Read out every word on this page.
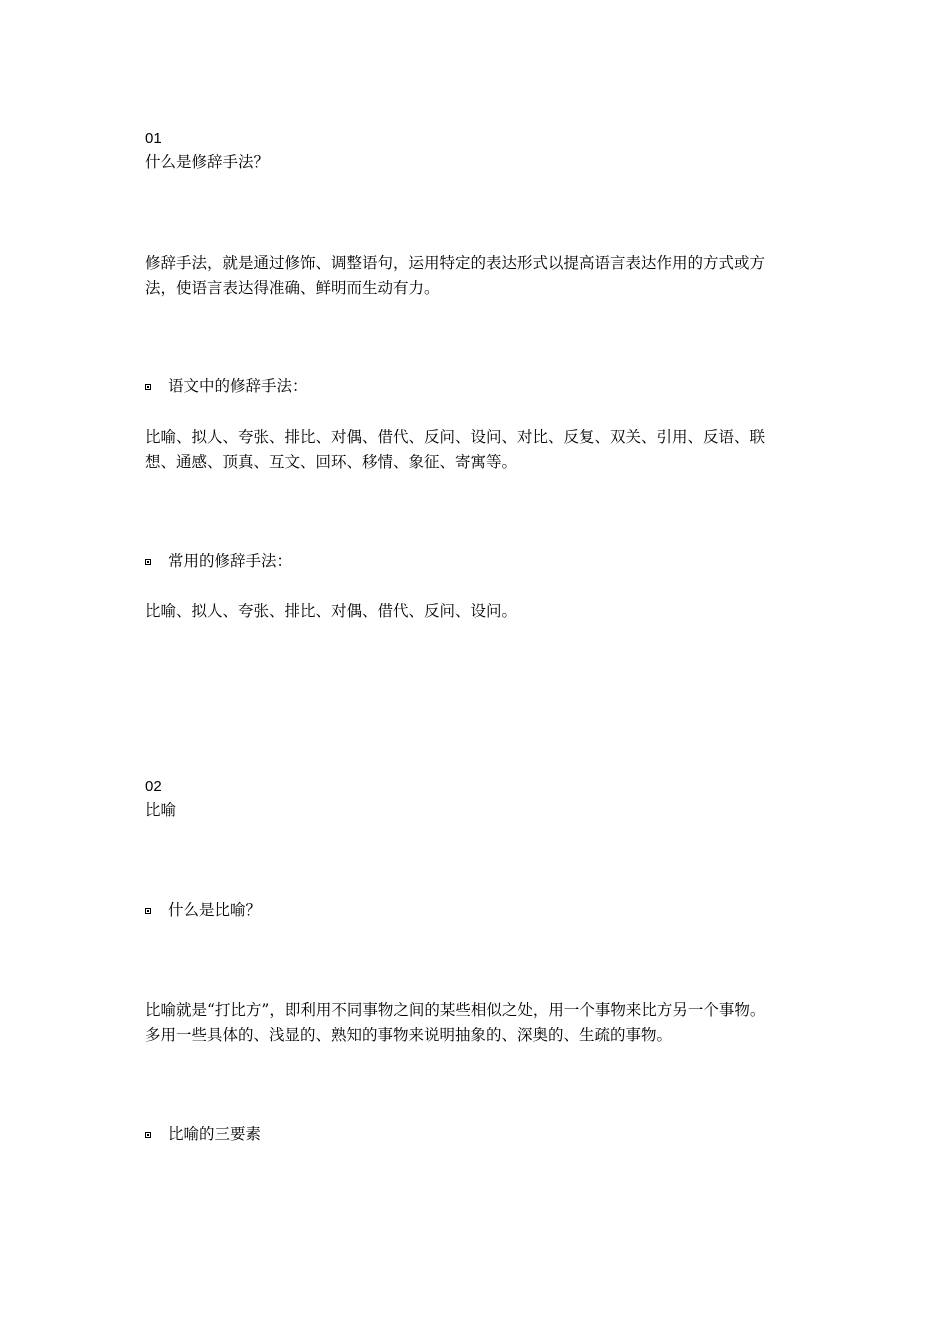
01
什么是修辞手法？
修辞手法，就是通过修饰、调整语句，运用特定的表达形式以提高语言表达作用的方式或方
法，使语言表达得准确、鲜明而生动有力。
语文中的修辞手法：
比喻、拟人、夸张、排比、对偶、借代、反问、设问、对比、反复、双关、引用、反语、联
想、通感、顶真、互文、回环、移情、象征、寄寓等。
常用的修辞手法：
比喻、拟人、夸张、排比、对偶、借代、反问、设问。
02
比喻
什么是比喻？
比喻就是“打比方”，即利用不同事物之间的某些相似之处，用一个事物来比方另一个事物。
多用一些具体的、浅显的、熟知的事物来说明抽象的、深奥的、生疏的事物。
比喻的三要素
